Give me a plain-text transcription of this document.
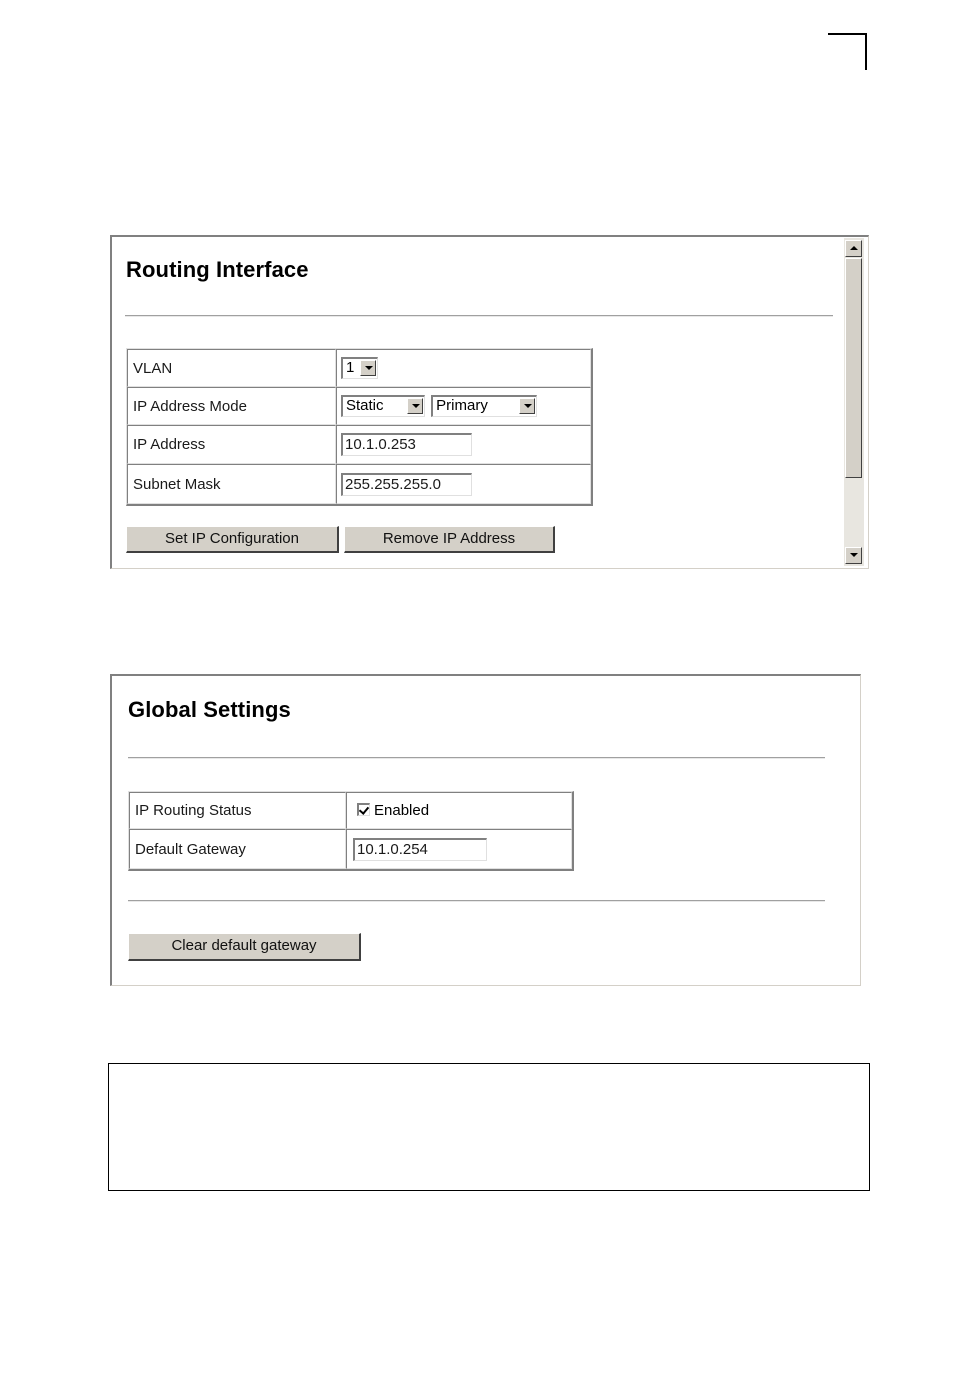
Routing Interface
VLAN	1

IP Address Mode	Static Primary

IP Address	10.1.0.253
Subnet Mask	255.255.255.0
Set IP Configuration	Remove IP Address
Global Settings
IP Routing Status	Enabled
Default Gateway	10.1.0.254
Clear default gateway
